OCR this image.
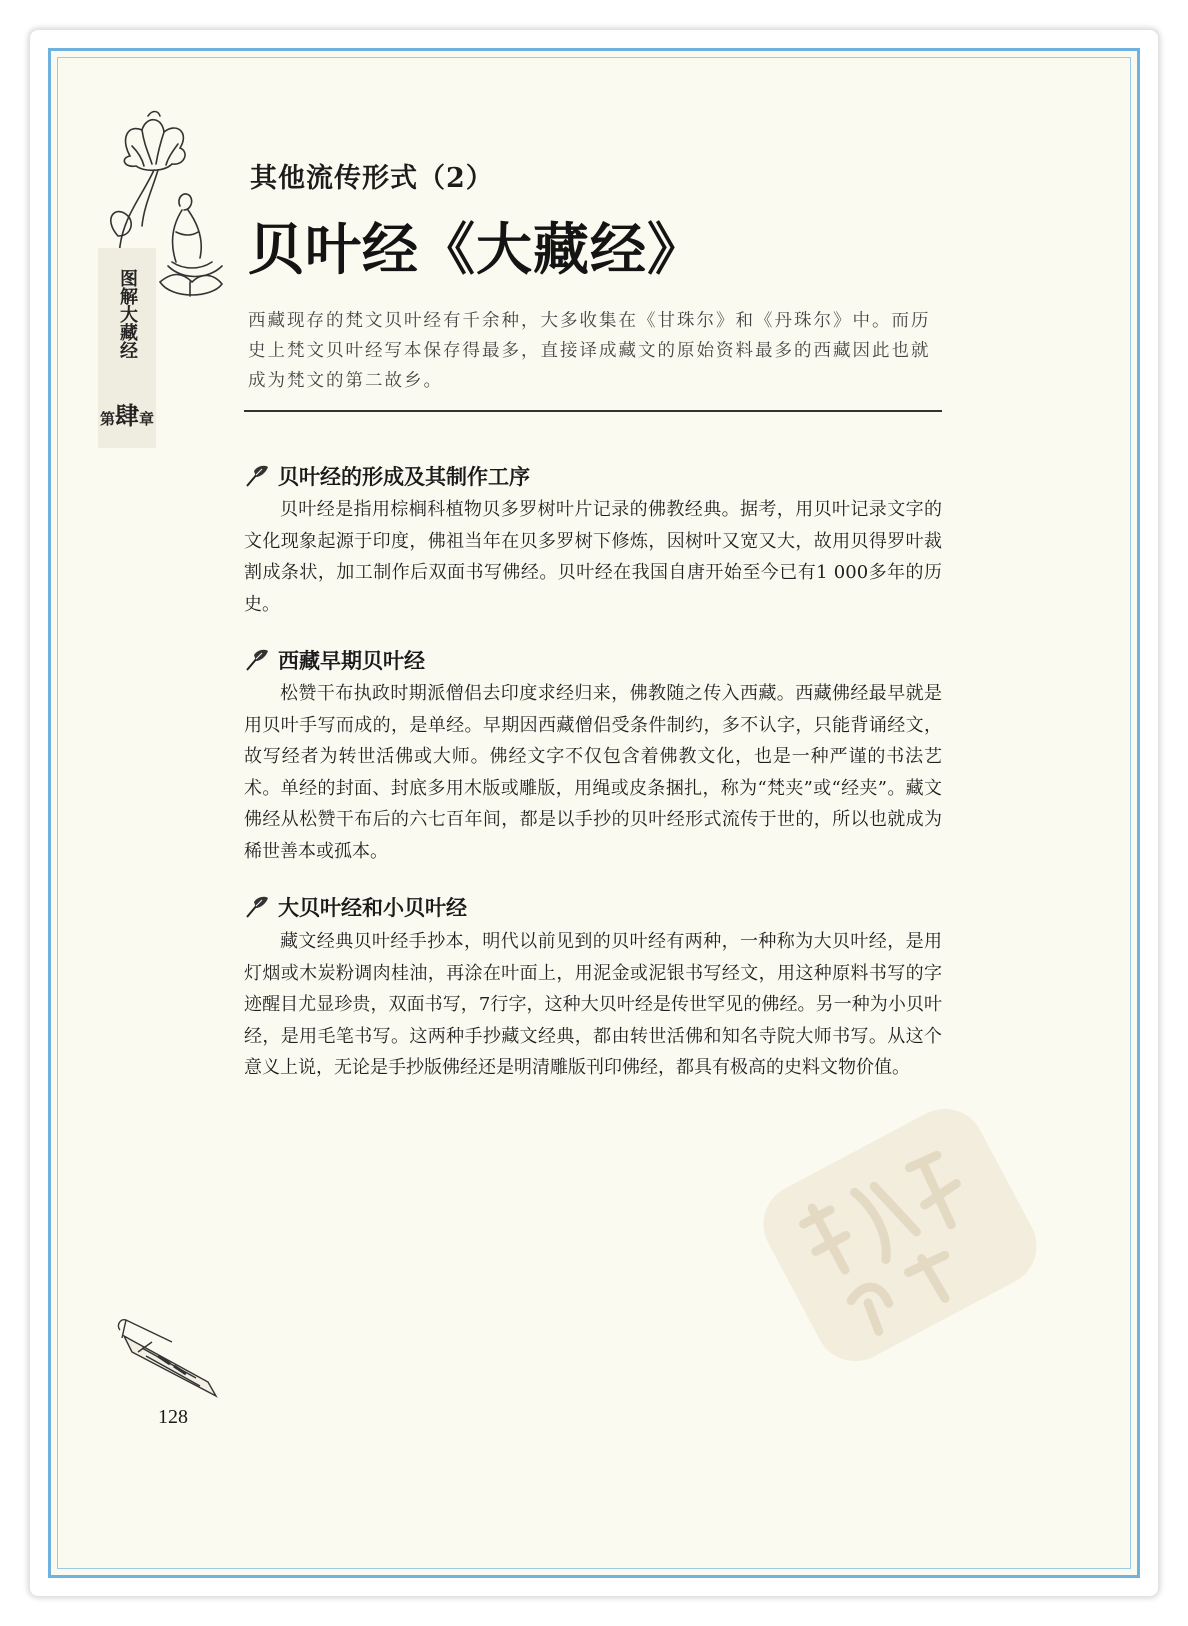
图解大藏经
第肆章
其他流传形式（2）
贝叶经《大藏经》
西藏现存的梵文贝叶经有千余种，大多收集在《甘珠尔》和《丹珠尔》中。而历史上梵文贝叶经写本保存得最多，直接译成藏文的原始资料最多的西藏因此也就成为梵文的第二故乡。
贝叶经的形成及其制作工序
贝叶经是指用棕榈科植物贝多罗树叶片记录的佛教经典。据考，用贝叶记录文字的文化现象起源于印度，佛祖当年在贝多罗树下修炼，因树叶又宽又大，故用贝得罗叶裁割成条状，加工制作后双面书写佛经。贝叶经在我国自唐开始至今已有1 000多年的历史。
西藏早期贝叶经
松赞干布执政时期派僧侣去印度求经归来，佛教随之传入西藏。西藏佛经最早就是用贝叶手写而成的，是单经。早期因西藏僧侣受条件制约，多不认字，只能背诵经文，故写经者为转世活佛或大师。佛经文字不仅包含着佛教文化，也是一种严谨的书法艺术。单经的封面、封底多用木版或雕版，用绳或皮条捆扎，称为“梵夹”或“经夹”。藏文佛经从松赞干布后的六七百年间，都是以手抄的贝叶经形式流传于世的，所以也就成为稀世善本或孤本。
大贝叶经和小贝叶经
藏文经典贝叶经手抄本，明代以前见到的贝叶经有两种，一种称为大贝叶经，是用灯烟或木炭粉调肉桂油，再涂在叶面上，用泥金或泥银书写经文，用这种原料书写的字迹醒目尤显珍贵，双面书写，7行字，这种大贝叶经是传世罕见的佛经。另一种为小贝叶经，是用毛笔书写。这两种手抄藏文经典，都由转世活佛和知名寺院大师书写。从这个意义上说，无论是手抄版佛经还是明清雕版刊印佛经，都具有极高的史料文物价值。
128
